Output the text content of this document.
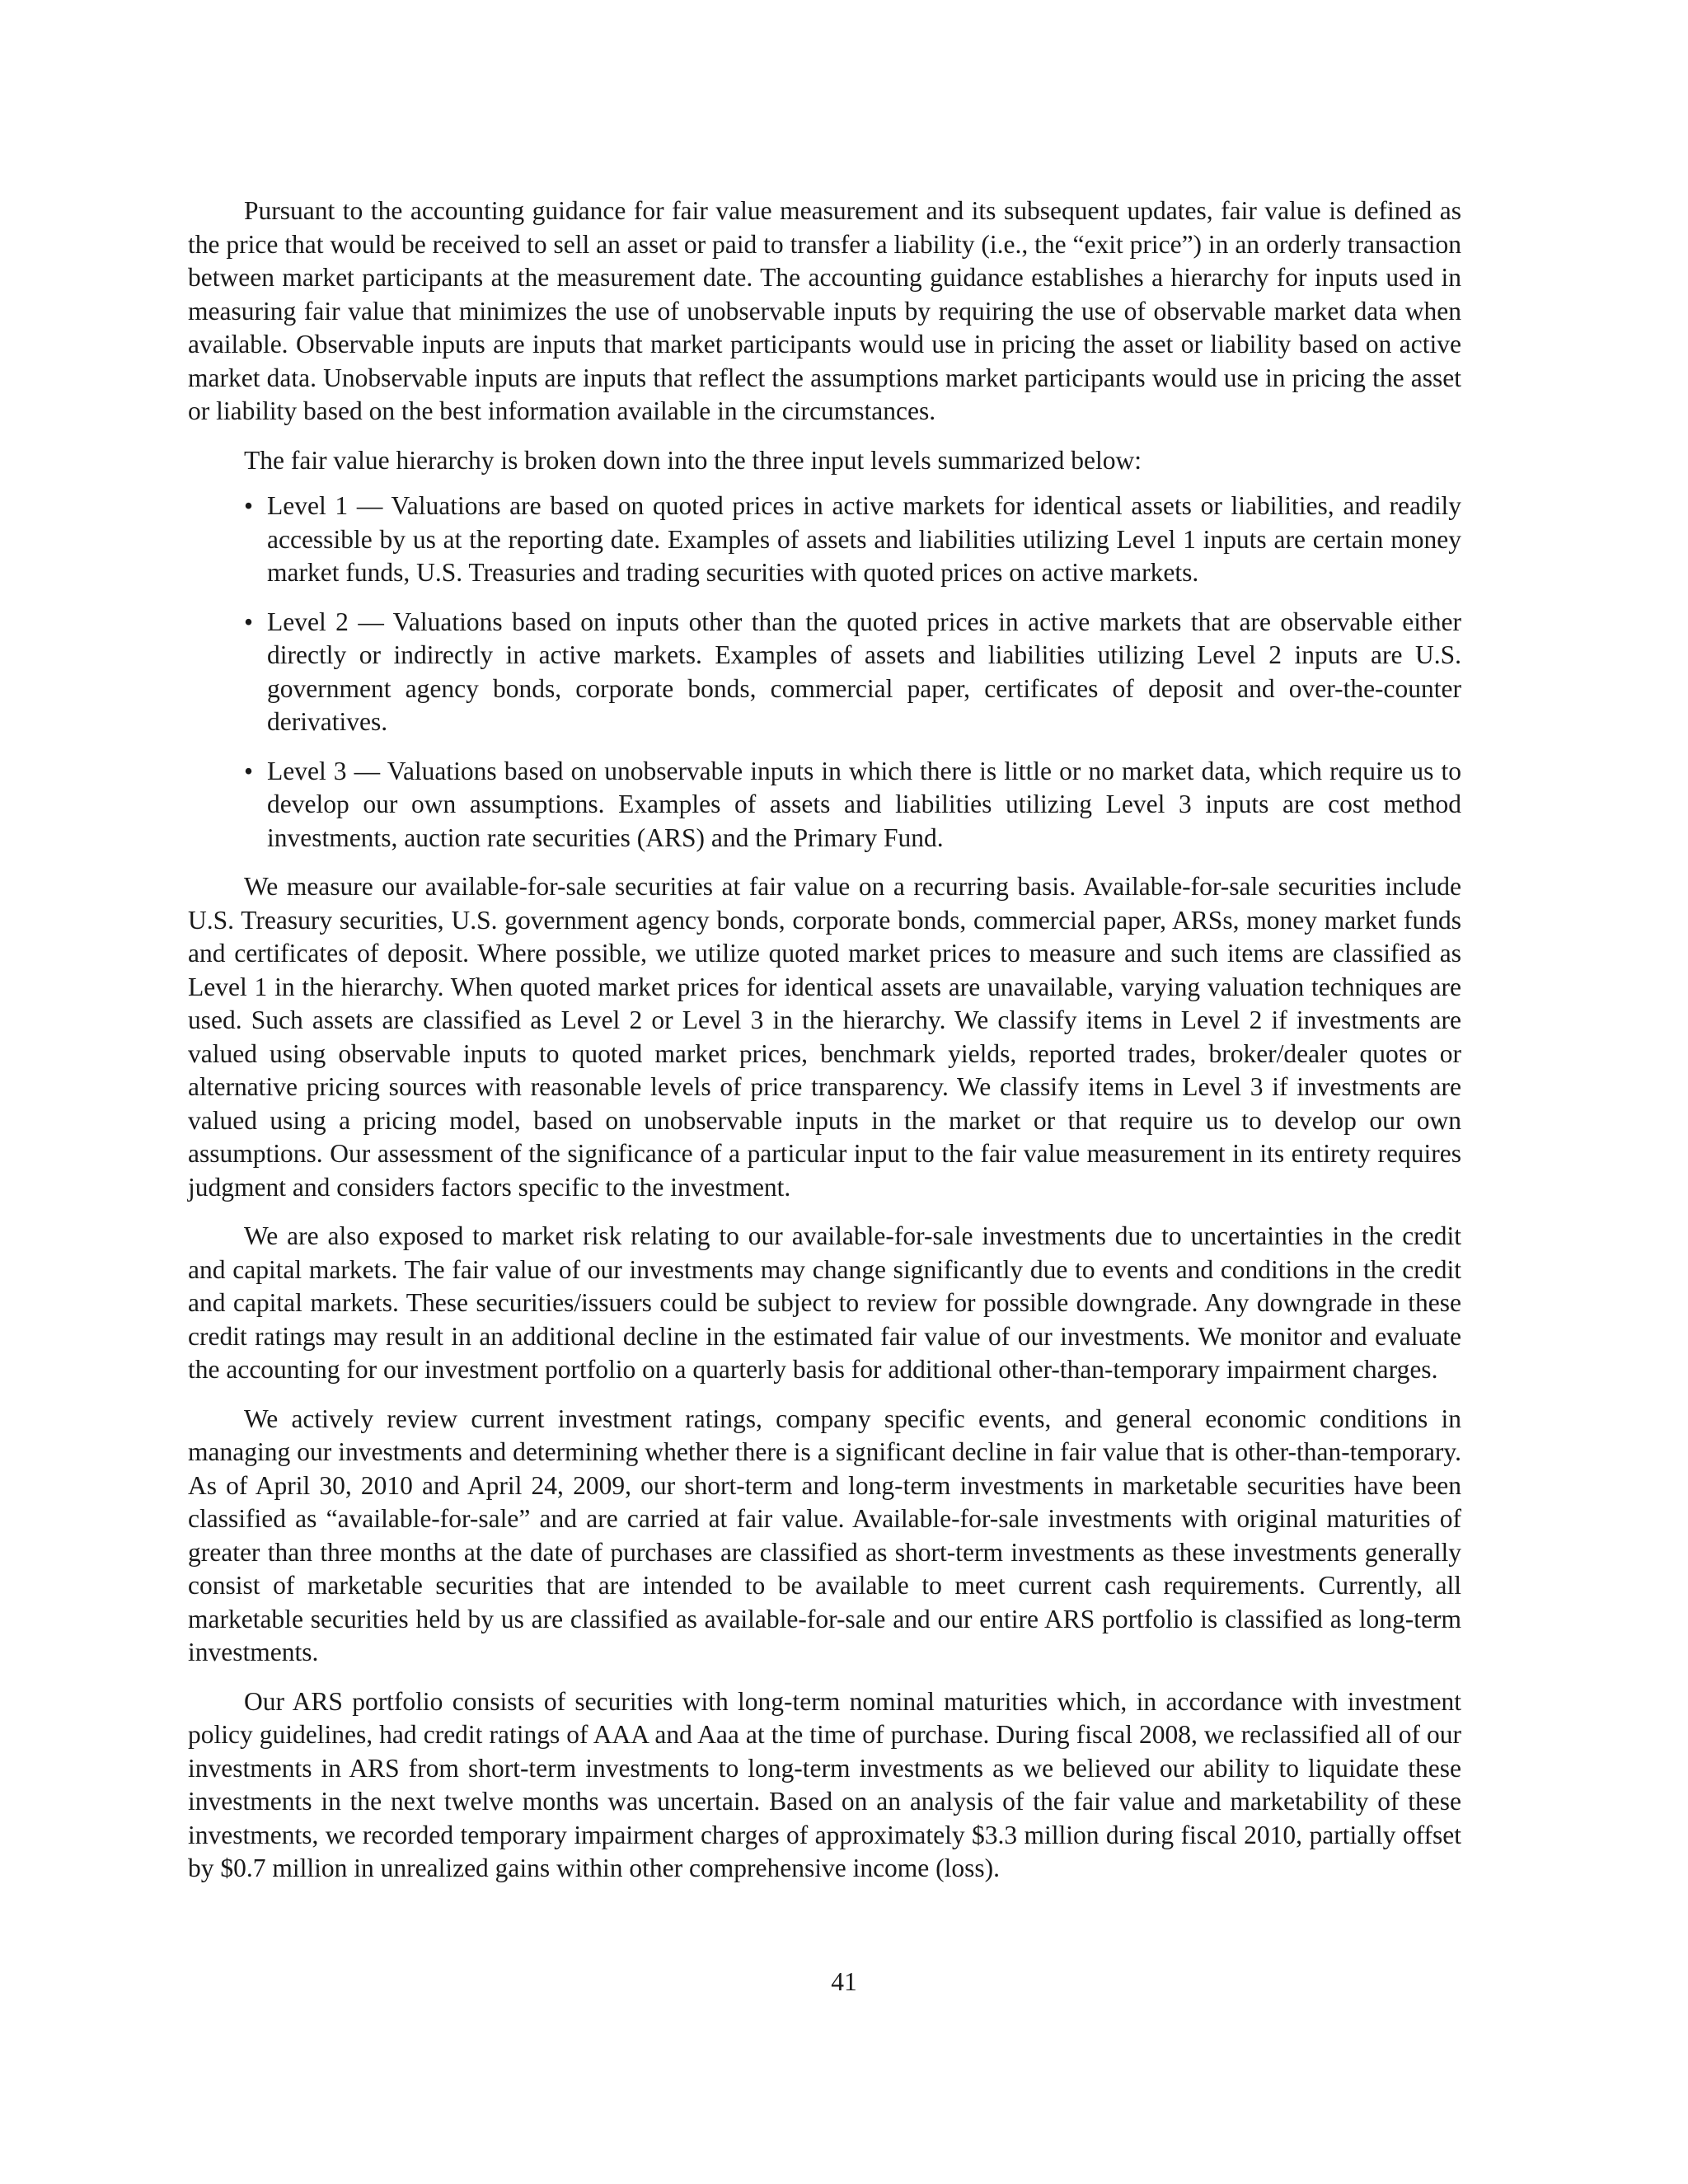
Pursuant to the accounting guidance for fair value measurement and its subsequent updates, fair value is defined as the price that would be received to sell an asset or paid to transfer a liability (i.e., the “exit price”) in an orderly transaction between market participants at the measurement date. The accounting guidance establishes a hierarchy for inputs used in measuring fair value that minimizes the use of unobservable inputs by requiring the use of observable market data when available. Observable inputs are inputs that market participants would use in pricing the asset or liability based on active market data. Unobservable inputs are inputs that reflect the assumptions market participants would use in pricing the asset or liability based on the best information available in the circumstances.

The fair value hierarchy is broken down into the three input levels summarized below:

• Level 1 — Valuations are based on quoted prices in active markets for identical assets or liabilities, and readily accessible by us at the reporting date. Examples of assets and liabilities utilizing Level 1 inputs are certain money market funds, U.S. Treasuries and trading securities with quoted prices on active markets.
• Level 2 — Valuations based on inputs other than the quoted prices in active markets that are observable either directly or indirectly in active markets. Examples of assets and liabilities utilizing Level 2 inputs are U.S. government agency bonds, corporate bonds, commercial paper, certificates of deposit and over-the-counter derivatives.
• Level 3 — Valuations based on unobservable inputs in which there is little or no market data, which require us to develop our own assumptions. Examples of assets and liabilities utilizing Level 3 inputs are cost method investments, auction rate securities (ARS) and the Primary Fund.

We measure our available-for-sale securities at fair value on a recurring basis. Available-for-sale securities include U.S. Treasury securities, U.S. government agency bonds, corporate bonds, commercial paper, ARSs, money market funds and certificates of deposit. Where possible, we utilize quoted market prices to measure and such items are classified as Level 1 in the hierarchy. When quoted market prices for identical assets are unavailable, varying valuation techniques are used. Such assets are classified as Level 2 or Level 3 in the hierarchy. We classify items in Level 2 if investments are valued using observable inputs to quoted market prices, benchmark yields, reported trades, broker/dealer quotes or alternative pricing sources with reasonable levels of price transparency. We classify items in Level 3 if investments are valued using a pricing model, based on unobservable inputs in the market or that require us to develop our own assumptions. Our assessment of the significance of a particular input to the fair value measurement in its entirety requires judgment and considers factors specific to the investment.

We are also exposed to market risk relating to our available-for-sale investments due to uncertainties in the credit and capital markets. The fair value of our investments may change significantly due to events and conditions in the credit and capital markets. These securities/issuers could be subject to review for possible downgrade. Any downgrade in these credit ratings may result in an additional decline in the estimated fair value of our investments. We monitor and evaluate the accounting for our investment portfolio on a quarterly basis for additional other-than-temporary impairment charges.

We actively review current investment ratings, company specific events, and general economic conditions in managing our investments and determining whether there is a significant decline in fair value that is other-than-temporary. As of April 30, 2010 and April 24, 2009, our short-term and long-term investments in marketable securities have been classified as “available-for-sale” and are carried at fair value. Available-for-sale investments with original maturities of greater than three months at the date of purchases are classified as short-term investments as these investments generally consist of marketable securities that are intended to be available to meet current cash requirements. Currently, all marketable securities held by us are classified as available-for-sale and our entire ARS portfolio is classified as long-term investments.

Our ARS portfolio consists of securities with long-term nominal maturities which, in accordance with investment policy guidelines, had credit ratings of AAA and Aaa at the time of purchase. During fiscal 2008, we reclassified all of our investments in ARS from short-term investments to long-term investments as we believed our ability to liquidate these investments in the next twelve months was uncertain. Based on an analysis of the fair value and marketability of these investments, we recorded temporary impairment charges of approximately $3.3 million during fiscal 2010, partially offset by $0.7 million in unrealized gains within other comprehensive income (loss).

41
